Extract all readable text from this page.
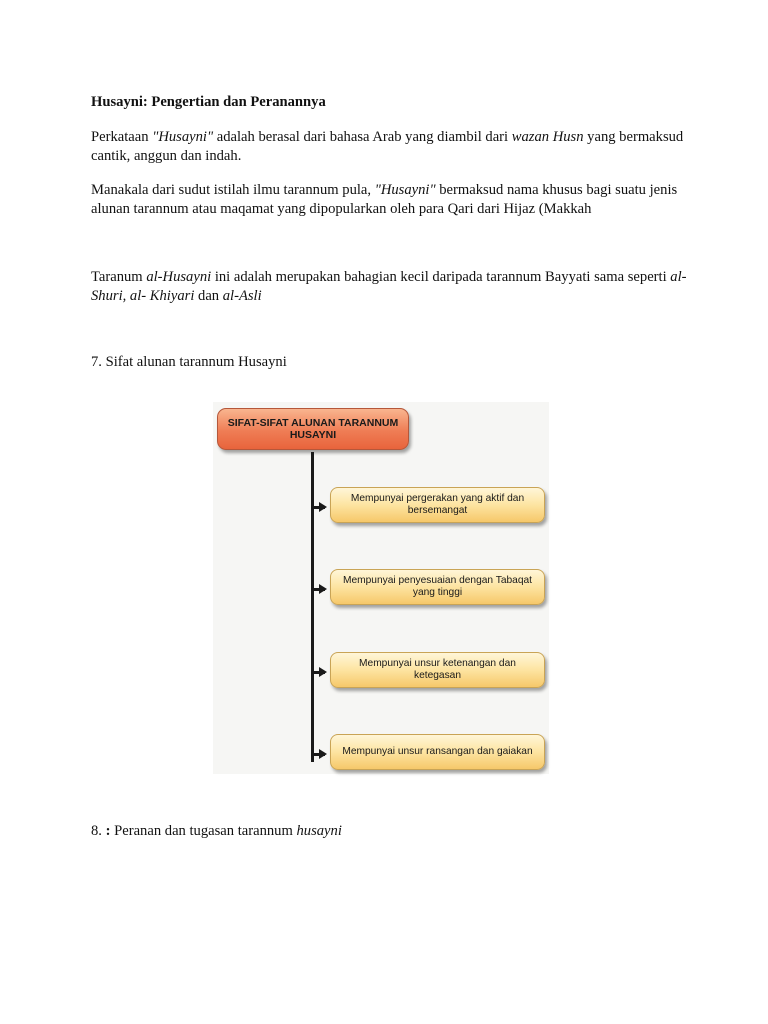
Husayni: Pengertian dan Peranannya

Perkataan "Husayni" adalah berasal dari bahasa Arab yang diambil dari wazan Husn yang bermaksud cantik, anggun dan indah.

Manakala dari sudut istilah ilmu tarannum pula, "Husayni" bermaksud nama khusus bagi suatu jenis alunan tarannum atau maqamat yang dipopularkan oleh para Qari dari Hijaz (Makkah

Taranum al-Husayni ini adalah merupakan bahagian kecil daripada tarannum Bayyati sama seperti al-Shuri, al- Khiyari dan al-Asli

7. Sifat alunan tarannum Husayni

SIFAT-SIFAT ALUNAN TARANNUM HUSAYNI
Mempunyai pergerakan yang aktif dan bersemangat
Mempunyai penyesuaian dengan Tabaqat yang tinggi
Mempunyai unsur ketenangan dan ketegasan
Mempunyai unsur ransangan dan gaiakan

8. : Peranan dan tugasan tarannum husayni
